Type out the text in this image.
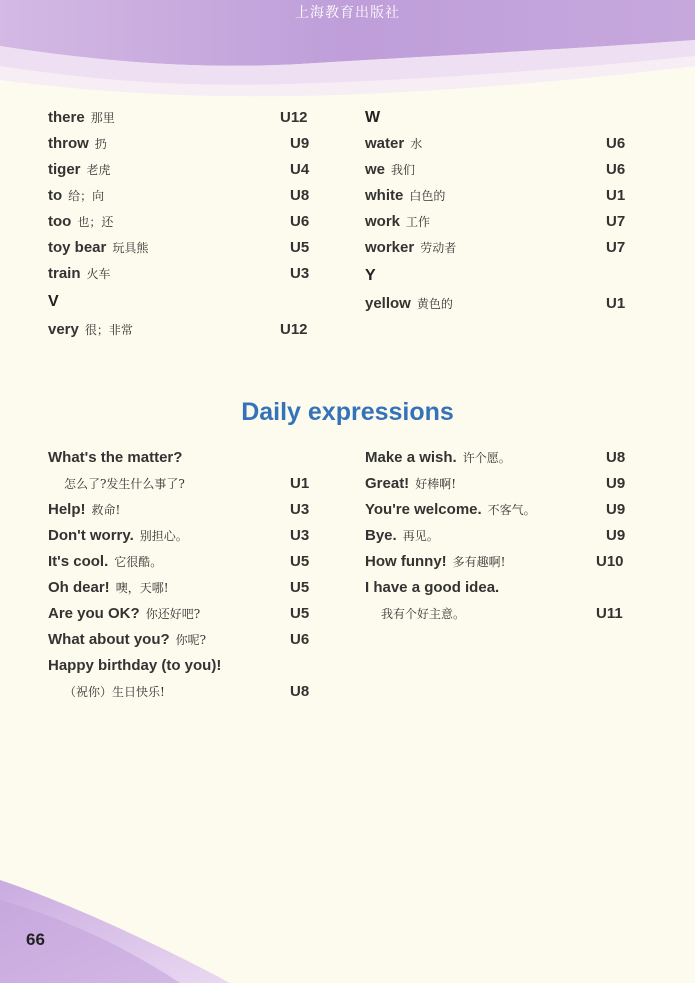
上海教育出版社
there 那里	U12
throw 扔	U9
tiger 老虎	U4
to 给；向	U8
too 也；还	U6
toy bear 玩具熊	U5
train 火车	U3
V
very 很；非常	U12
W
water 水	U6
we 我们	U6
white 白色的	U1
work 工作	U7
worker 劳动者	U7
Y
yellow 黄色的	U1
Daily expressions
What's the matter?
怎么了?发生什么事了?	U1
Help! 救命!	U3
Don't worry. 别担心。	U3
It's cool. 它很酷。	U5
Oh dear! 噢，天哪!	U5
Are you OK? 你还好吧?	U5
What about you? 你呢?	U6
Happy birthday (to you)!
（祝你）生日快乐!	U8
Make a wish. 许个愿。	U8
Great! 好棒啊!	U9
You're welcome. 不客气。	U9
Bye. 再见。	U9
How funny! 多有趣啊!	U10
I have a good idea.
我有个好主意。	U11
66
